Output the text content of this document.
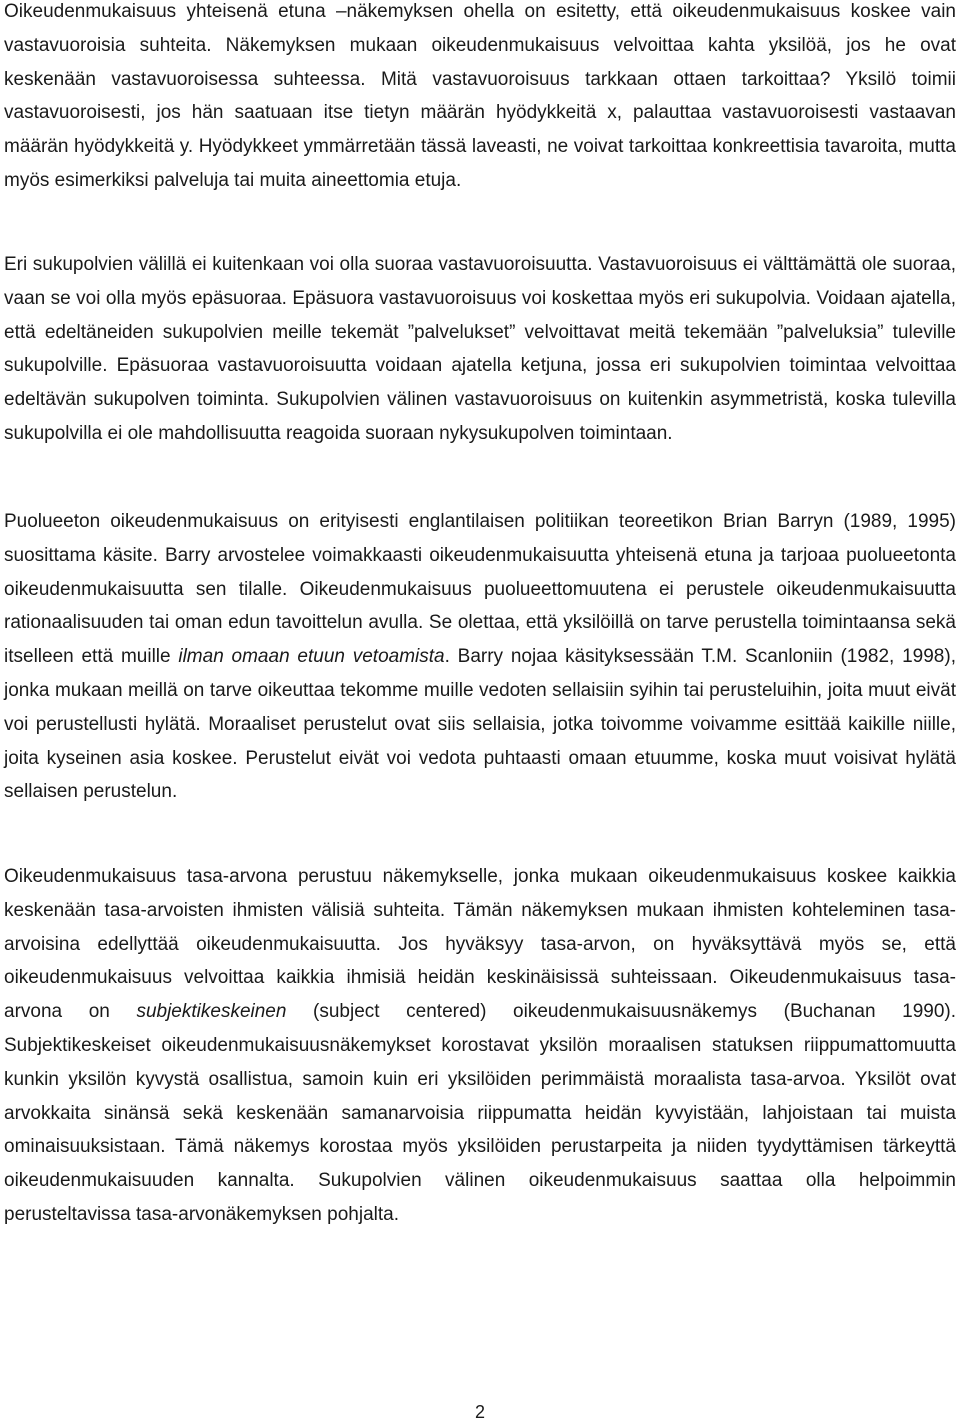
Oikeudenmukaisuus yhteisenä etuna –näkemyksen ohella on esitetty, että oikeudenmukaisuus koskee vain vastavuoroisia suhteita. Näkemyksen mukaan oikeudenmukaisuus velvoittaa kahta yksilöä, jos he ovat keskenään vastavuoroisessa suhteessa. Mitä vastavuoroisuus tarkkaan ottaen tarkoittaa? Yksilö toimii vastavuoroisesti, jos hän saatuaan itse tietyn määrän hyödykkeitä x, palauttaa vastavuoroisesti vastaavan määrän hyödykkeitä y. Hyödykkeet ymmärretään tässä laveasti, ne voivat tarkoittaa konkreettisia tavaroita, mutta myös esimerkiksi palveluja tai muita aineettomia etuja.

Eri sukupolvien välillä ei kuitenkaan voi olla suoraa vastavuoroisuutta. Vastavuoroisuus ei välttämättä ole suoraa, vaan se voi olla myös epäsuoraa. Epäsuora vastavuoroisuus voi koskettaa myös eri sukupolvia. Voidaan ajatella, että edeltäneiden sukupolvien meille tekemät ”palvelukset” velvoittavat meitä tekemään ”palveluksia” tuleville sukupolville. Epäsuoraa vastavuoroisuutta voidaan ajatella ketjuna, jossa eri sukupolvien toimintaa velvoittaa edeltävän sukupolven toiminta. Sukupolvien välinen vastavuoroisuus on kuitenkin asymmetristä, koska tulevilla sukupolvilla ei ole mahdollisuutta reagoida suoraan nykysukupolven toimintaan.

Puolueeton oikeudenmukaisuus on erityisesti englantilaisen politiikan teoreetikon Brian Barryn (1989, 1995) suosittama käsite. Barry arvostelee voimakkaasti oikeudenmukaisuutta yhteisenä etuna ja tarjoaa puolueetonta oikeudenmukaisuutta sen tilalle. Oikeudenmukaisuus puolueettomuutena ei perustele oikeudenmukaisuutta rationaalisuuden tai oman edun tavoittelun avulla. Se olettaa, että yksilöillä on tarve perustella toimintaansa sekä itselleen että muille ilman omaan etuun vetoamista. Barry nojaa käsityksessään T.M. Scanloniin (1982, 1998), jonka mukaan meillä on tarve oikeuttaa tekomme muille vedoten sellaisiin syihin tai perusteluihin, joita muut eivät voi perustellusti hylätä. Moraaliset perustelut ovat siis sellaisia, jotka toivomme voivamme esittää kaikille niille, joita kyseinen asia koskee. Perustelut eivät voi vedota puhtaasti omaan etuumme, koska muut voisivat hylätä sellaisen perustelun.

Oikeudenmukaisuus tasa-arvona perustuu näkemykselle, jonka mukaan oikeudenmukaisuus koskee kaikkia keskenään tasa-arvoisten ihmisten välisiä suhteita. Tämän näkemyksen mukaan ihmisten kohteleminen tasa-arvoisina edellyttää oikeudenmukaisuutta. Jos hyväksyy tasa-arvon, on hyväksyttävä myös se, että oikeudenmukaisuus velvoittaa kaikkia ihmisiä heidän keskinäisissä suhteissaan. Oikeudenmukaisuus tasa-arvona on subjektikeskeinen (subject centered) oikeudenmukaisuusnäkemys (Buchanan 1990). Subjektikeskeiset oikeudenmukaisuusnäkemykset korostavat yksilön moraalisen statuksen riippumattomuutta kunkin yksilön kyvystä osallistua, samoin kuin eri yksilöiden perimmäistä moraalista tasa-arvoa. Yksilöt ovat arvokkaita sinänsä sekä keskenään samanarvoisia riippumatta heidän kyvyistään, lahjoistaan tai muista ominaisuuksistaan. Tämä näkemys korostaa myös yksilöiden perustarpeita ja niiden tyydyttämisen tärkeyttä oikeudenmukaisuuden kannalta. Sukupolvien välinen oikeudenmukaisuus saattaa olla helpoimmin perusteltavissa tasa-arvonäkemyksen pohjalta.

2
